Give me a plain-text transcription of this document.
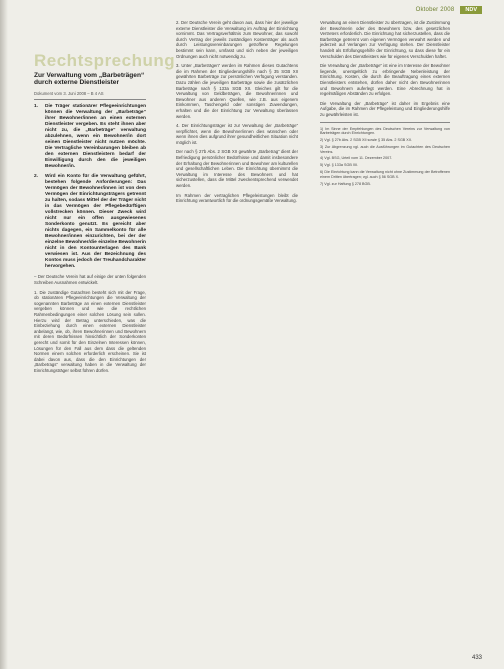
Oktober 2008	NDV
Rechtsprechung
Zur Verwaltung vom „Barbeträgen“ durch externe Dienstleister
Dokument vom 3. Juni 2008 – B 4 AS
1.	Die Träger stationärer Pflegeeinrichtungen können die Verwaltung der „Barbeträge“ ihrer Bewohner/innen an einen externen Dienstleister vergeben. Es steht ihnen aber nicht zu, die „Barbeträge“ verwaltung abzulehnen, wenn ein Bewohner/in dort seinen Dienstleister nicht nutzen möchte. Die Vertragliche Vereinbarungen bleiben ab den externen Dienstleistern bedarf der Einwilligung durch den die jeweiligen Bewohner/in.
2.	Wird ein Konto für die Verwaltung geführt, bestehen folgende Anforderungen: Das Vermögen der Bewohner/innen ist von dem Vermögen der Einrichtungsträgers getrennt zu halten, sodass Mittel der der Träger nicht in das Vermögen der Pflegebedürftigen vollstrecken können. Dieser Zweck wird nicht nur ein offen ausgewiesenes Sonderkonto genutzt. Es gereicht aber nichts dagegen, ein Sammelkonto für alle Bewohner/innen einzurichten, bei der der einzelne Bewohner/die einzelne Bewohnerin nicht in den Kontounterlagen des Bank verwiesen ist. Aus der Bezeichnung des Kontos muss jedoch der Treuhandcharakter hervorgehen.

– Der Deutsche Verein hat auf einige der unten folgenden Schreiben Ausnahmen entwickelt.

1. Die zuständige Gutachten besteht sich mit der Frage, ob stationären Pflegeeinrichtungen die Verwaltung der sogenannten Barbeträge an einen externen Dienstleister vergeben können und wie die rechtlichen Rahmenbedingungen einer solchen Lösung sein sollen. Hierzu wird der Betrag unterschieden, was die Einbeziehung durch einen externen Dienstleister anbelangt, wie, ob, ihren Bewohnerinnen und Bewohnern mit deren Bedürfnissen hinsichtlich der Sonderkonten gerecht und somit für den Einzelnen Interessen können, Lösungen für den Fall aus dem dass die geltenden Normen einem solchen erforderlich erscheinen. Sie ist dabei davon aus, dass die den Einrichtungen der „Barbetrags“ verwaltung haben in die Verwaltung der Einrichtungsträger selbst führen dürfen.

2. Der Deutsche Verein geht davon aus, dass hier der jeweilige externe Dienstleister die Verwaltung im Auftrag der Einrichtung vornimmt. Das Vertragsverhältnis zum Bewohner, das sowohl durch Vertrag der jeweils zuständigen Kostenträger als auch durch Leistungsvereinbarungen getroffene Regelungen bestimmt sein kann, umfasst und sich neben der jeweiligen Ordnungen auch nicht notwendig zu.

3. Unter „Barbeträgen“ werden im Rahmen dieses Gutachtens die im Rahmen der Eingliederungshilfe nach § 35 SGB XII gewährten Barbeträge zur persönlichen Verfügung verstanden. Dazu zählen die jeweiligen Barbeträge sowie die zusätzlichen Barbeträge nach § 133a SGB XII. Gleiches gilt für die Verwaltung von Geldbeträgen, die Bewohnerinnen und Bewohner aus anderen Quellen, wie z.B. aus eigenem Einkommen, Taschengeld oder sonstigen Zuwendungen, erhalten und die der Einrichtung zur Verwaltung überlassen werden.

4. Der Einrichtungsträger ist zur Verwaltung der „Barbeträge“ verpflichtet, wenn die Bewohner/innen dies wünschen oder wenn ihnen dies aufgrund ihrer gesundheitlichen Situation nicht möglich ist.

Der nach § 27b Abs. 2 SGB XII gewährte „Barbetrag“ dient der Befriedigung persönlicher Bedürfnisse und damit insbesondere der Erhaltung der Bewohnerinnen und Bewohner am kulturellen und gesellschaftlichen Leben. Die Einrichtung übernimmt die Verwaltung im Interesse des Bewohners und hat sicherzustellen, dass die Mittel zweckentsprechend verwendet werden.

Im Rahmen der vertraglichen Pflegeleistungen bleibt die Einrichtung verantwortlich für die ordnungsgemäße Verwaltung.

Verwaltung an einen Dienstleister zu übertragen, ist die Zustimmung der Bewohnerin oder des Bewohners bzw. des gesetzlichen Vertreters erforderlich. Die Einrichtung hat sicherzustellen, dass die Barbeträge getrennt vom eigenen Vermögen verwahrt werden und jederzeit auf Verlangen zur Verfügung stehen. Der Dienstleister handelt als Erfüllungsgehilfe der Einrichtung, so dass diese für ein Verschulden des Dienstleisters wie für eigenes Verschulden haftet.

Die Verwaltung der „Barbeträge“ ist eine im Interesse der Bewohner liegende, unentgeltlich zu erbringende Nebenleistung der Einrichtung. Kosten, die durch die Beauftragung eines externen Dienstleisters entstehen, dürfen daher nicht den Bewohnerinnen und Bewohnern auferlegt werden. Eine Abrechnung hat in regelmäßigen Abständen zu erfolgen.

Die Verwaltung der „Barbeträge“ ist daher im Ergebnis eine Aufgabe, die im Rahmen der Pflegeleistung und Eingliederungshilfe zu gewährleisten ist.

1) Im Sinne der Empfehlungen des Deutschen Vereins zur Verwaltung von Barbeträgen durch Einrichtungen.

2) Vgl. § 27b Abs. 2 SGB XII sowie § 35 Abs. 2 SGB XII.

3) Zur Abgrenzung vgl. auch die Ausführungen im Gutachten des Deutschen Vereins.

4) Vgl. BSG, Urteil vom 11. Dezember 2007.

5) Vgl. § 133a SGB XII.

6) Die Einrichtung kann die Verwaltung nicht ohne Zustimmung der Betroffenen einem Dritten übertragen; vgl. auch § 56 SGB X.

7) Vgl. zur Haftung § 278 BGB.

433
